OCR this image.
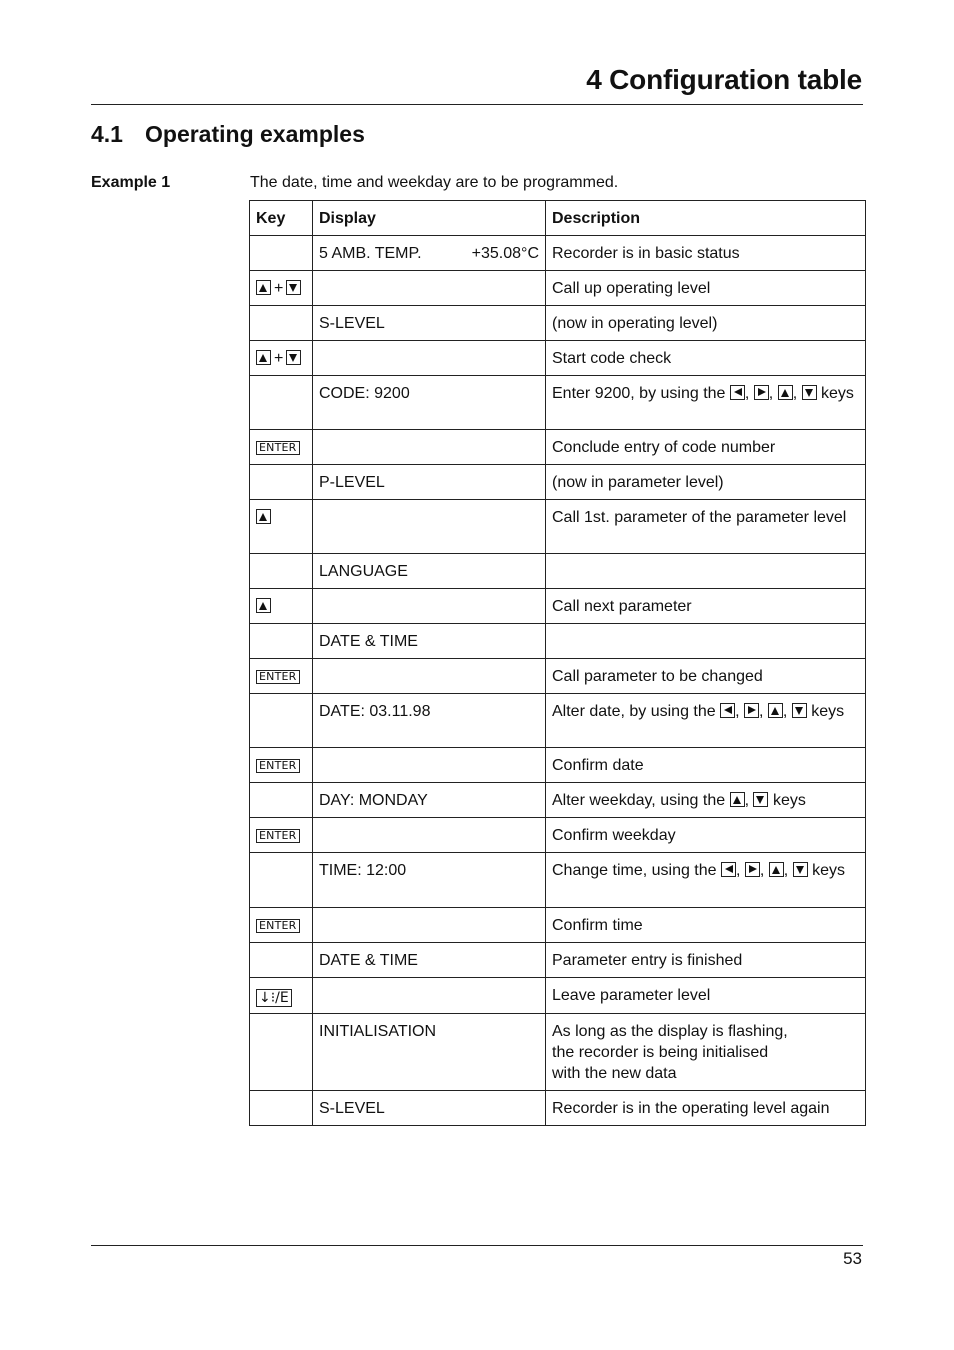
4 Configuration table
4.1 Operating examples
Example 1	The date, time and weekday are to be programmed.
Key	Display	Description

	5 AMB. TEMP. +35.08°C	Recorder is in basic status
+		Call up operating level
	S-LEVEL	(now in operating level)
+		Start code check
	CODE: 9200	Enter 9200, by using the , , ,  keys
ENTER		Conclude entry of code number
	P-LEVEL	(now in parameter level)
		Call 1st. parameter of the parameter level
	LANGUAGE	
		Call next parameter
	DATE & TIME	
ENTER		Call parameter to be changed
	DATE: 03.11.98	Alter date, by using the , , ,  keys
ENTER		Confirm date
	DAY: MONDAY	Alter weekday, using the ,  keys
ENTER		Confirm weekday
	TIME: 12:00	Change time, using the , , ,  keys
ENTER		Confirm time
	DATE & TIME	Parameter entry is finished
↓⁝/E		Leave parameter level
	INITIALISATION	As long as the display is flashing,
the recorder is being initialised
with the new data
	S-LEVEL	Recorder is in the operating level again
53
